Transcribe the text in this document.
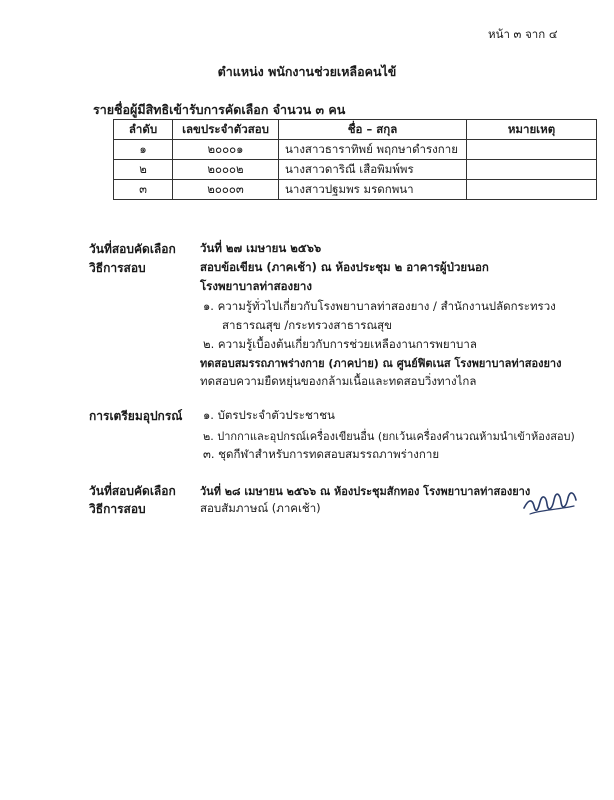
หน้า ๓ จาก ๔
ตำแหน่ง พนักงานช่วยเหลือคนไข้
รายชื่อผู้มีสิทธิเข้ารับการคัดเลือก จำนวน ๓ คน
ลำดับ	เลขประจำตัวสอบ	ชื่อ – สกุล	หมายเหตุ
๑	๒๐๐๐๑	นางสาวธาราทิพย์ พฤกษาดำรงกาย	
๒	๒๐๐๐๒	นางสาวดาริณี เสือพิมพ์พร	
๓	๒๐๐๐๓	นางสาวปฐมพร มรดกพนา	
วันที่สอบคัดเลือก วันที่ ๒๗ เมษายน ๒๕๖๖
วิธีการสอบ	สอบข้อเขียน (ภาคเช้า) ณ ห้องประชุม ๒ อาคารผู้ป่วยนอก
โรงพยาบาลท่าสองยาง
๑. ความรู้ทั่วไปเกี่ยวกับโรงพยาบาลท่าสองยาง / สำนักงานปลัดกระทรวง
สาธารณสุข /กระทรวงสาธารณสุข
๒. ความรู้เบื้องต้นเกี่ยวกับการช่วยเหลืองานการพยาบาล
ทดสอบสมรรถภาพร่างกาย (ภาคบ่าย) ณ ศูนย์ฟิตเนส โรงพยาบาลท่าสองยาง
ทดสอบความยืดหยุ่นของกล้ามเนื้อและทดสอบวิ่งทางไกล
การเตรียมอุปกรณ์ ๑. บัตรประจำตัวประชาชน
๒. ปากกาและอุปกรณ์เครื่องเขียนอื่น (ยกเว้นเครื่องคำนวณห้ามนำเข้าห้องสอบ)
๓. ชุดกีฬาสำหรับการทดสอบสมรรถภาพร่างกาย
วันที่สอบคัดเลือก วันที่ ๒๘ เมษายน ๒๕๖๖ ณ ห้องประชุมสักทอง โรงพยาบาลท่าสองยาง
วิธีการสอบ	สอบสัมภาษณ์ (ภาคเช้า)
